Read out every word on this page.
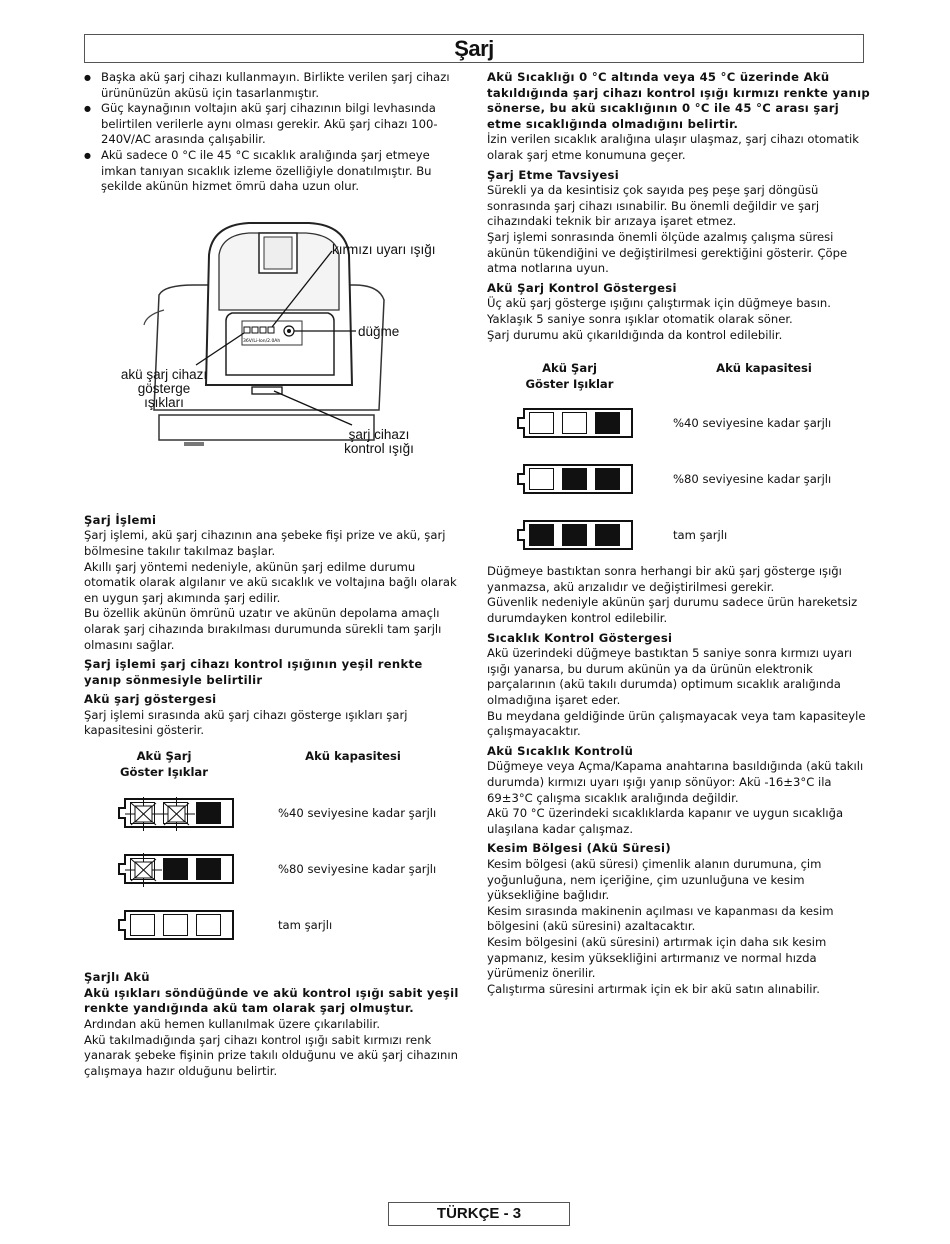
Şarj
● Başka akü şarj cihazı kullanmayın. Birlikte verilen şarj cihazı ürününüzün aküsü için tasarlanmıştır.
● Güç kaynağının voltajın akü şarj cihazının bilgi levhasında belirtilen verilerle aynı olması gerekir. Akü şarj cihazı 100-240V/AC arasında çalışabilir.
● Akü sadece 0 °C ile 45 °C sıcaklık aralığında şarj etmeye imkan tanıyan sıcaklık izleme özelliğiyle donatılmıştır. Bu şekilde akünün hizmet ömrü daha uzun olur.
36V/Li-Ion/2.0Ah
kırmızı uyarı ışığı
düğme
akü şarj cihazı
gösterge
ışıkları
şarj cihazı
kontrol ışığı

Şarj İşlemi

Şarj işlemi, akü şarj cihazının ana şebeke fişi prize ve akü, şarj bölmesine takılır takılmaz başlar.

Akıllı şarj yöntemi nedeniyle, akünün şarj edilme durumu otomatik olarak algılanır ve akü sıcaklık ve voltajına bağlı olarak en uygun şarj akımında şarj edilir.

Bu özellik akünün ömrünü uzatır ve akünün depolama amaçlı olarak şarj cihazında bırakılması durumunda sürekli tam şarjlı olmasını sağlar.

Şarj işlemi şarj cihazı kontrol ışığının yeşil renkte yanıp sönmesiyle belirtilir

Akü şarj göstergesi

Şarj işlemi sırasında akü şarj cihazı gösterge ışıkları şarj kapasitesini gösterir.

Akü Şarj
Göster Işıklar
Akü kapasitesi
%40 seviyesine kadar şarjlı
%80 seviyesine kadar şarjlı
tam şarjlı

Şarjlı Akü

Akü ışıkları söndüğünde ve akü kontrol ışığı sabit yeşil renkte yandığında akü tam olarak şarj olmuştur.

Ardından akü hemen kullanılmak üzere çıkarılabilir.

Akü takılmadığında şarj cihazı kontrol ışığı sabit kırmızı renk yanarak şebeke fişinin prize takılı olduğunu ve akü şarj cihazının çalışmaya hazır olduğunu belirtir.

Akü Sıcaklığı 0 °C altında veya 45 °C üzerinde Akü takıldığında şarj cihazı kontrol ışığı kırmızı renkte yanıp sönerse, bu akü sıcaklığının 0 °C ile 45 °C arası şarj etme sıcaklığında olmadığını belirtir.

İzin verilen sıcaklık aralığına ulaşır ulaşmaz, şarj cihazı otomatik olarak şarj etme konumuna geçer.

Şarj Etme Tavsiyesi

Sürekli ya da kesintisiz çok sayıda peş peşe şarj döngüsü sonrasında şarj cihazı ısınabilir. Bu önemli değildir ve şarj cihazındaki teknik bir arızaya işaret etmez.

Şarj işlemi sonrasında önemli ölçüde azalmış çalışma süresi akünün tükendiğini ve değiştirilmesi gerektiğini gösterir. Çöpe atma notlarına uyun.

Akü Şarj Kontrol Göstergesi

Üç akü şarj gösterge ışığını çalıştırmak için düğmeye basın. Yaklaşık 5 saniye sonra ışıklar otomatik olarak söner.

Şarj durumu akü çıkarıldığında da kontrol edilebilir.

Akü Şarj
Göster Işıklar
Akü kapasitesi
%40 seviyesine kadar şarjlı
%80 seviyesine kadar şarjlı
tam şarjlı

Düğmeye bastıktan sonra herhangi bir akü şarj gösterge ışığı yanmazsa, akü arızalıdır ve değiştirilmesi gerekir.

Güvenlik nedeniyle akünün şarj durumu sadece ürün hareketsiz durumdayken kontrol edilebilir.

Sıcaklık Kontrol Göstergesi

Akü üzerindeki düğmeye bastıktan 5 saniye sonra kırmızı uyarı ışığı yanarsa, bu durum akünün ya da ürünün elektronik parçalarının (akü takılı durumda) optimum sıcaklık aralığında olmadığına işaret eder.

Bu meydana geldiğinde ürün çalışmayacak veya tam kapasiteyle çalışmayacaktır.

Akü Sıcaklık Kontrolü

Düğmeye veya Açma/Kapama anahtarına basıldığında (akü takılı durumda) kırmızı uyarı ışığı yanıp sönüyor: Akü -16±3°C ila 69±3°C çalışma sıcaklık aralığında değildir.

Akü 70 °C üzerindeki sıcaklıklarda kapanır ve uygun sıcaklığa ulaşılana kadar çalışmaz.

Kesim Bölgesi (Akü Süresi)

Kesim bölgesi (akü süresi) çimenlik alanın durumuna, çim yoğunluğuna, nem içeriğine, çim uzunluğuna ve kesim yüksekliğine bağlıdır.

Kesim sırasında makinenin açılması ve kapanması da kesim bölgesini (akü süresini) azaltacaktır.

Kesim bölgesini (akü süresini) artırmak için daha sık kesim yapmanız, kesim yüksekliğini artırmanız ve normal hızda yürümeniz önerilir.

Çalıştırma süresini artırmak için ek bir akü satın alınabilir.

TÜRKÇE - 3
